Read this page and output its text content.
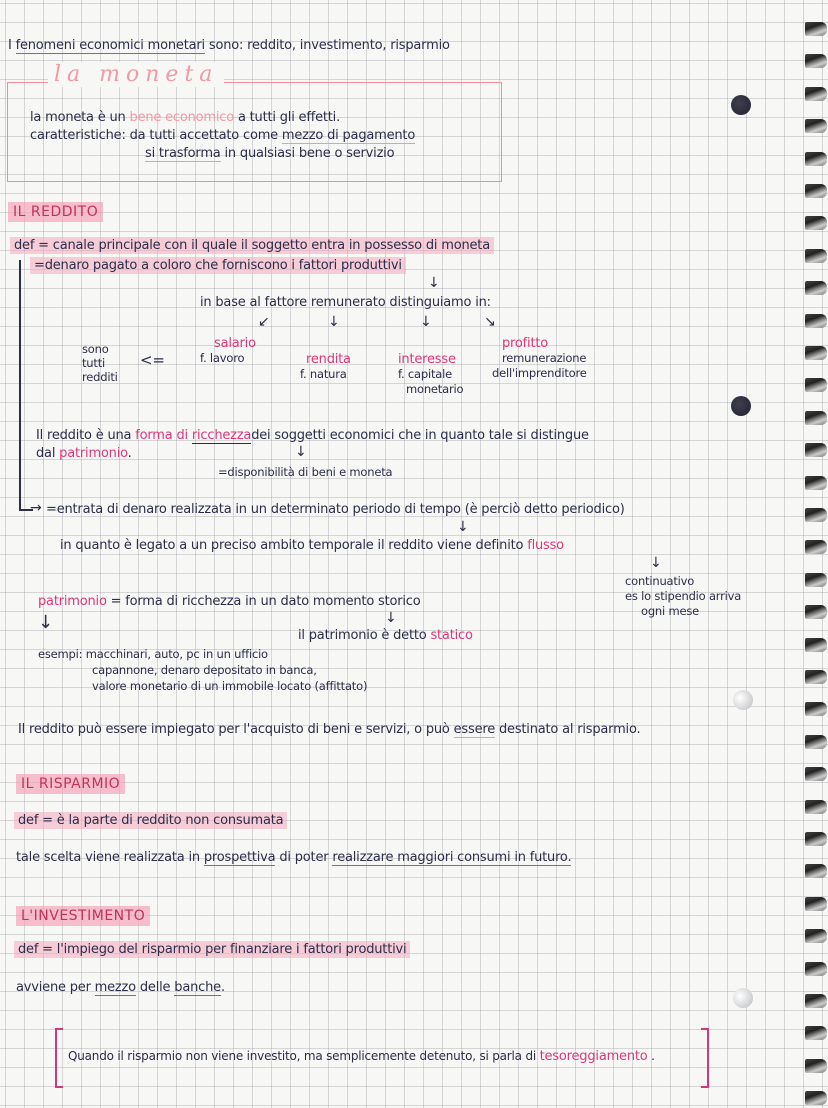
I fenomeni economici monetari sono: reddito, investimento, risparmio
la moneta
la moneta è un bene economico a tutti gli effetti.
caratteristiche: da tutti accettato come mezzo di pagamento
si trasforma in qualsiasi bene o servizio
IL REDDITO
def = canale principale con il quale il soggetto entra in possesso di moneta
=denaro pagato a coloro che forniscono i fattori produttivi
↓
in base al fattore remunerato distinguiamo in:
↙	↓	↓	↘
sono
tutti
redditi
<=
salario
f. lavoro	rendita
f. natura
interesse
f. capitale
monetario
profitto
remunerazione
dell'imprenditore
Il reddito è una forma di ricchezzadei soggetti economici che in quanto tale si distingue
dal patrimonio.	↓
=disponibilità di beni e moneta
→ =entrata di denaro realizzata in un determinato periodo di tempo (è perciò detto periodico)
↓
in quanto è legato a un preciso ambito temporale il reddito viene definito flusso
↓
continuativo
es lo stipendio arriva
ogni mese
patrimonio = forma di ricchezza in un dato momento storico
↓	↓
il patrimonio è detto statico
esempi: macchinari, auto, pc in un ufficio
capannone, denaro depositato in banca,
valore monetario di un immobile locato (affittato)
Il reddito può essere impiegato per l'acquisto di beni e servizi, o può essere destinato al risparmio.
IL RISPARMIO
def = è la parte di reddito non consumata
tale scelta viene realizzata in prospettiva di poter realizzare maggiori consumi in futuro.
L'INVESTIMENTO
def = l'impiego del risparmio per finanziare i fattori produttivi
avviene per mezzo delle banche.
Quando il risparmio non viene investito, ma semplicemente detenuto, si parla di tesoreggiamento .
